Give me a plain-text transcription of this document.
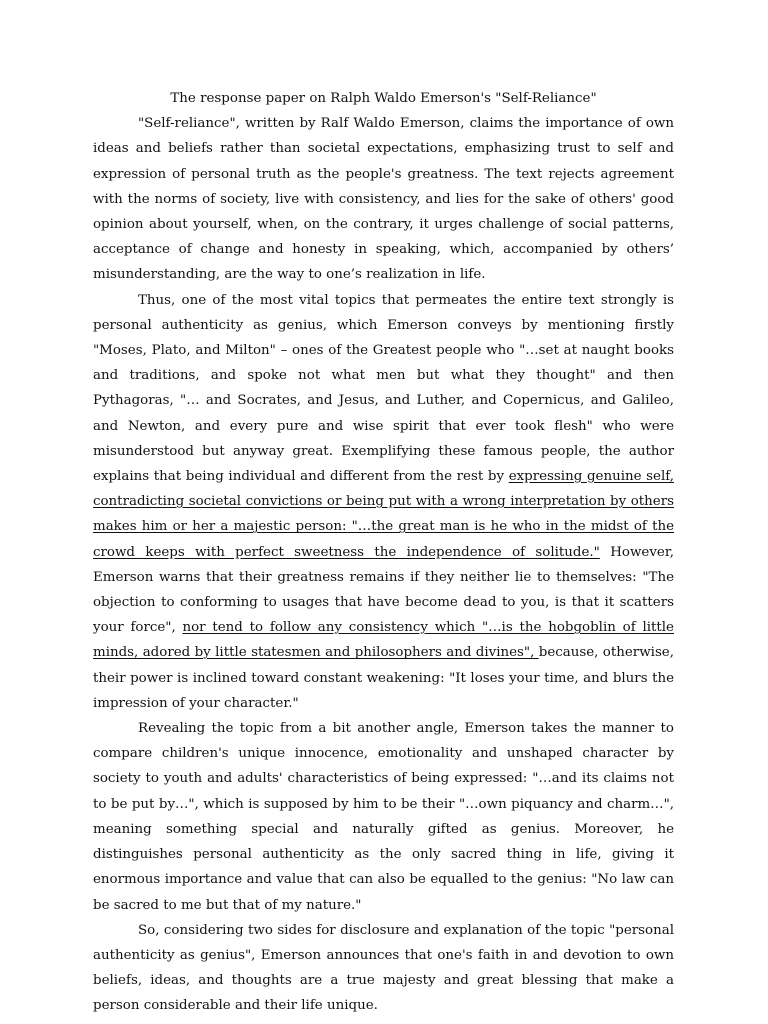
The response paper on Ralph Waldo Emerson's "Self-Reliance"

"Self-reliance", written by Ralf Waldo Emerson, claims the importance of own ideas and beliefs rather than societal expectations, emphasizing trust to self and expression of personal truth as the people's greatness. The text rejects agreement with the norms of society, live with consistency, and lies for the sake of others' good opinion about yourself, when, on the contrary, it urges challenge of social patterns, acceptance of change and honesty in speaking, which, accompanied by others’ misunderstanding, are the way to one’s realization in life.

Thus, one of the most vital topics that permeates the entire text strongly is personal authenticity as genius, which Emerson conveys by mentioning firstly "Moses, Plato, and Milton" – ones of the Greatest people who "…set at naught books and traditions, and spoke not what men but what they thought" and then Pythagoras, "… and Socrates, and Jesus, and Luther, and Copernicus, and Galileo, and Newton, and every pure and wise spirit that ever took flesh" who were misunderstood but anyway great. Exemplifying these famous people, the author explains that being individual and different from the rest by expressing genuine self, contradicting societal convictions or being put with a wrong interpretation by others makes him or her a majestic person: "…the great man is he who in the midst of the crowd keeps with perfect sweetness the independence of solitude." However, Emerson warns that their greatness remains if they neither lie to themselves: "The objection to conforming to usages that have become dead to you, is that it scatters your force", nor tend to follow any consistency which "…is the hobgoblin of little minds, adored by little statesmen and philosophers and divines", because, otherwise, their power is inclined toward constant weakening: "It loses your time, and blurs the impression of your character."

Revealing the topic from a bit another angle, Emerson takes the manner to compare children's unique innocence, emotionality and unshaped character by society to youth and adults' characteristics of being expressed: "…and its claims not to be put by…", which is supposed by him to be their "…own piquancy and charm…", meaning something special and naturally gifted as genius. Moreover, he distinguishes personal authenticity as the only sacred thing in life, giving it enormous importance and value that can also be equalled to the genius: "No law can be sacred to me but that of my nature."

So, considering two sides for disclosure and explanation of the topic "personal authenticity as genius", Emerson announces that one's faith in and devotion to own beliefs, ideas, and thoughts are a true majesty and great blessing that make a person considerable and their life unique.
